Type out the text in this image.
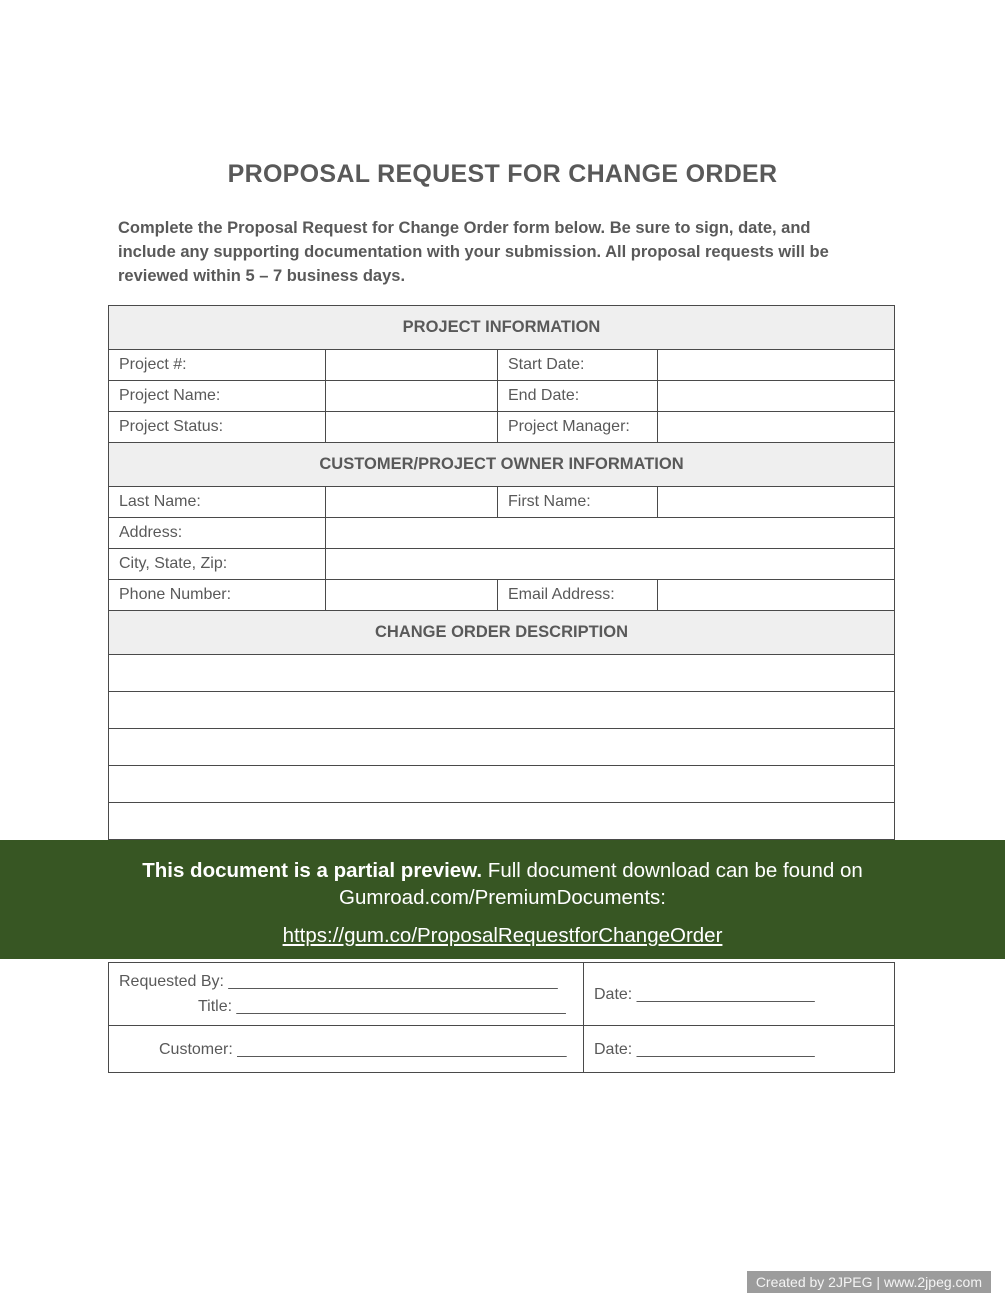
PROPOSAL REQUEST FOR CHANGE ORDER

Complete the Proposal Request for Change Order form below. Be sure to sign, date, and include any supporting documentation with your submission. All proposal requests will be reviewed within 5 – 7 business days.

PROJECT INFORMATION			
Project #:		Start Date:	
Project Name:		End Date:	
Project Status:		Project Manager:	
CUSTOMER/PROJECT OWNER INFORMATION			
Last Name:		First Name:	
Address:			
City, State, Zip:			
Phone Number:		Email Address:	
CHANGE ORDER DESCRIPTION			

This document is a partial preview. Full document download can be found on
Gumroad.com/PremiumDocuments:
https://gum.co/ProposalRequestforChangeOrder
Requested By: _____________________________________
Title: _____________________________________	Date: ____________________

Customer: _____________________________________	Date: ____________________
Created by 2JPEG | www.2jpeg.com
